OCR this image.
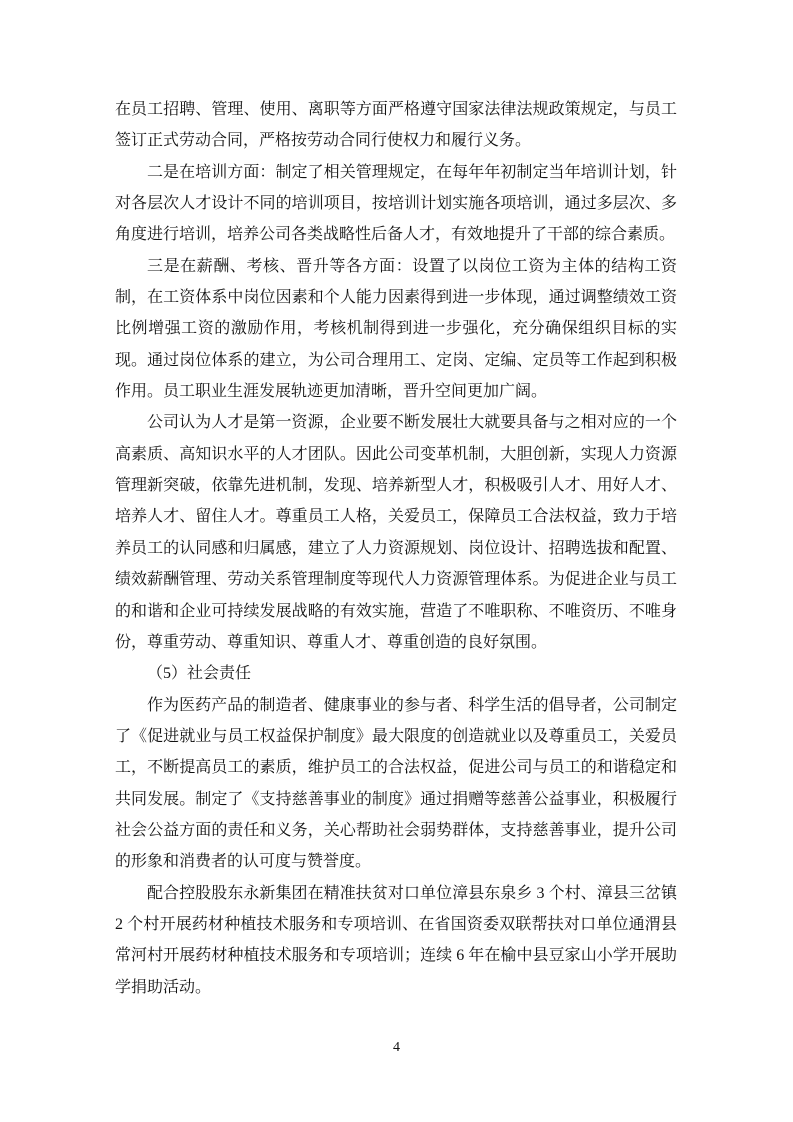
在员工招聘、管理、使用、离职等方面严格遵守国家法律法规政策规定，与员工签订正式劳动合同，严格按劳动合同行使权力和履行义务。

二是在培训方面：制定了相关管理规定，在每年年初制定当年培训计划，针对各层次人才设计不同的培训项目，按培训计划实施各项培训，通过多层次、多角度进行培训，培养公司各类战略性后备人才，有效地提升了干部的综合素质。

三是在薪酬、考核、晋升等各方面：设置了以岗位工资为主体的结构工资制，在工资体系中岗位因素和个人能力因素得到进一步体现，通过调整绩效工资比例增强工资的激励作用，考核机制得到进一步强化，充分确保组织目标的实现。通过岗位体系的建立，为公司合理用工、定岗、定编、定员等工作起到积极作用。员工职业生涯发展轨迹更加清晰，晋升空间更加广阔。

公司认为人才是第一资源，企业要不断发展壮大就要具备与之相对应的一个高素质、高知识水平的人才团队。因此公司变革机制，大胆创新，实现人力资源管理新突破，依靠先进机制，发现、培养新型人才，积极吸引人才、用好人才、培养人才、留住人才。尊重员工人格，关爱员工，保障员工合法权益，致力于培养员工的认同感和归属感，建立了人力资源规划、岗位设计、招聘选拔和配置、绩效薪酬管理、劳动关系管理制度等现代人力资源管理体系。为促进企业与员工的和谐和企业可持续发展战略的有效实施，营造了不唯职称、不唯资历、不唯身份，尊重劳动、尊重知识、尊重人才、尊重创造的良好氛围。

（5）社会责任

作为医药产品的制造者、健康事业的参与者、科学生活的倡导者，公司制定了《促进就业与员工权益保护制度》最大限度的创造就业以及尊重员工，关爱员工，不断提高员工的素质，维护员工的合法权益，促进公司与员工的和谐稳定和共同发展。制定了《支持慈善事业的制度》通过捐赠等慈善公益事业，积极履行社会公益方面的责任和义务，关心帮助社会弱势群体，支持慈善事业，提升公司的形象和消费者的认可度与赞誉度。

配合控股股东永新集团在精准扶贫对口单位漳县东泉乡 3 个村、漳县三岔镇 2 个村开展药材种植技术服务和专项培训、在省国资委双联帮扶对口单位通渭县常河村开展药材种植技术服务和专项培训；连续 6 年在榆中县豆家山小学开展助学捐助活动。

4
